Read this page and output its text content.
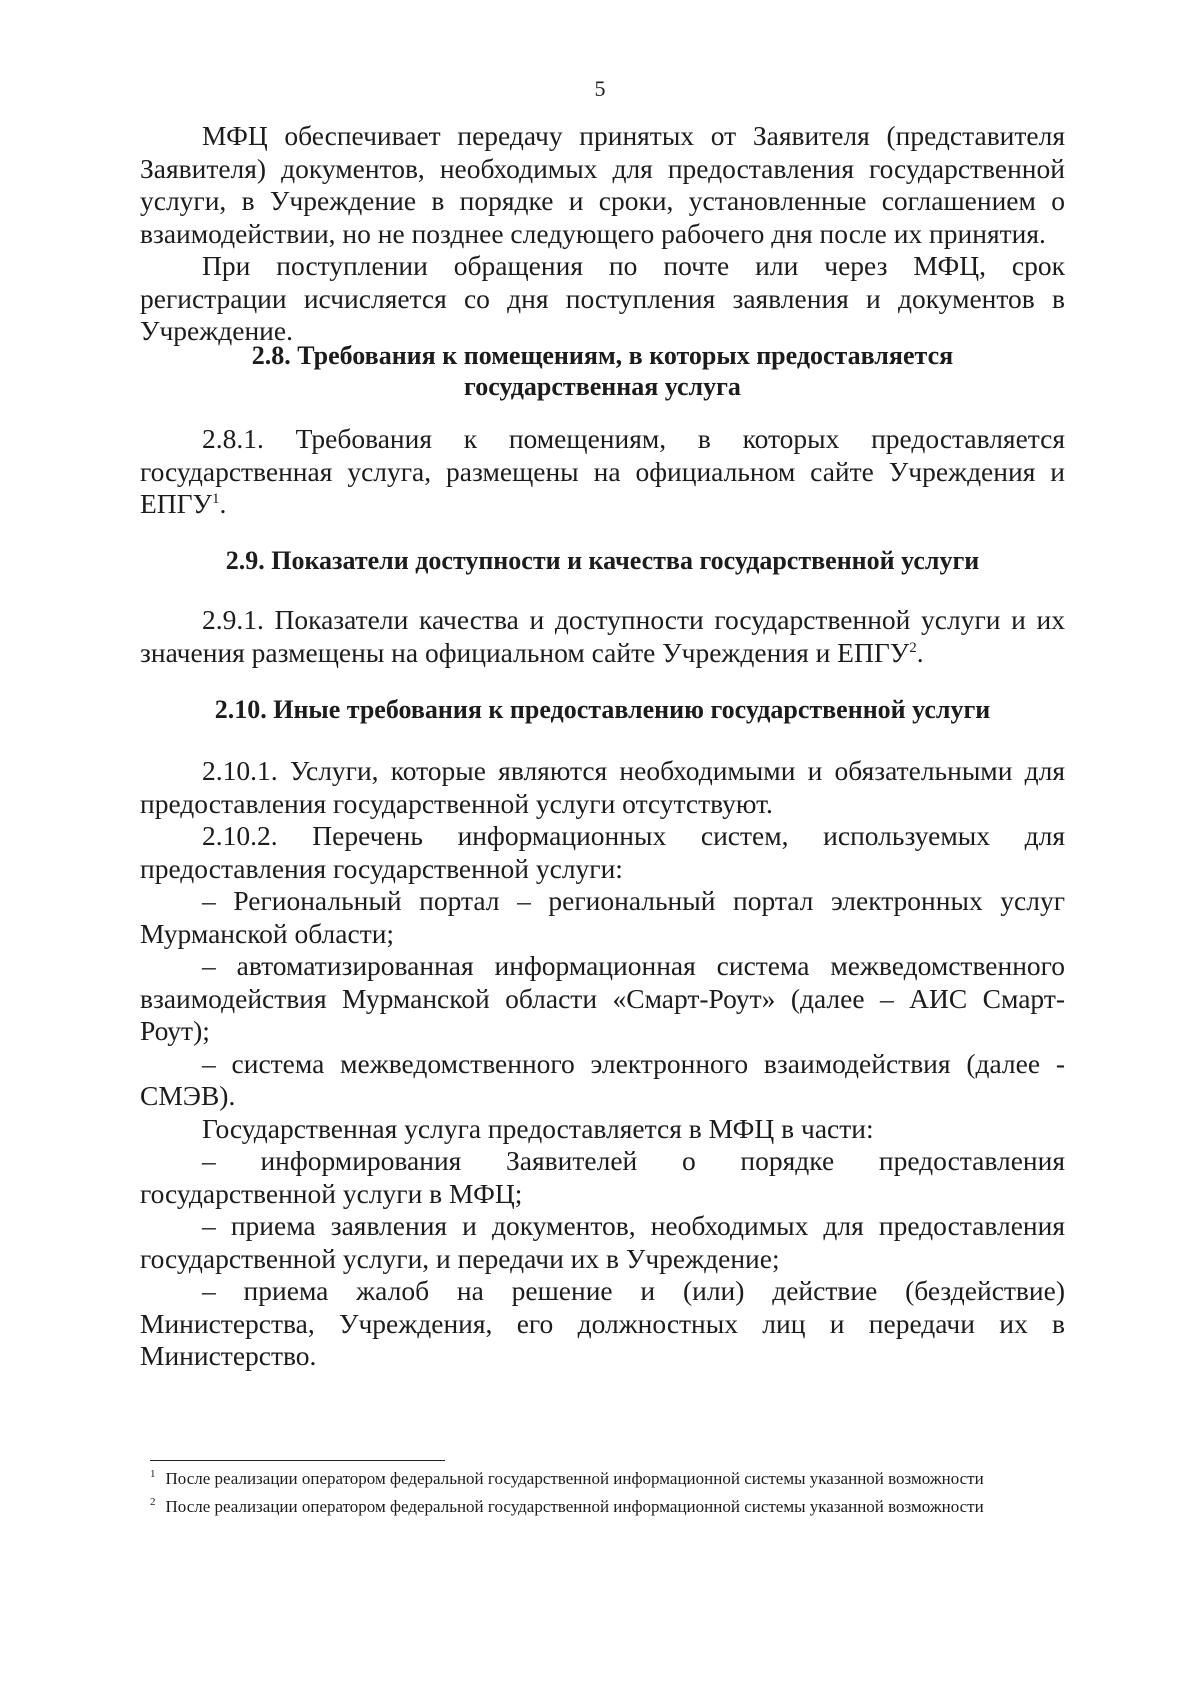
5

МФЦ обеспечивает передачу принятых от Заявителя (представителя Заявителя) документов, необходимых для предоставления государственной услуги, в Учреждение в порядке и сроки, установленные соглашением о взаимодействии, но не позднее следующего рабочего дня после их принятия.

При поступлении обращения по почте или через МФЦ, срок регистрации исчисляется со дня поступления заявления и документов в Учреждение.

2.8. Требования к помещениям, в которых предоставляется
государственная услуга

2.8.1. Требования к помещениям, в которых предоставляется государственная услуга, размещены на официальном сайте Учреждения и ЕПГУ$^1$.

2.9. Показатели доступности и качества государственной услуги

2.9.1. Показатели качества и доступности государственной услуги и их значения размещены на официальном сайте Учреждения и ЕПГУ$^2$.

2.10. Иные требования к предоставлению государственной услуги

2.10.1. Услуги, которые являются необходимыми и обязательными для предоставления государственной услуги отсутствуют.

2.10.2. Перечень информационных систем, используемых для предоставления государственной услуги:

– Региональный портал – региональный портал электронных услуг Мурманской области;

– автоматизированная информационная система межведомственного взаимодействия Мурманской области «Смарт-Роут» (далее – АИС Смарт-Роут);

– система межведомственного электронного взаимодействия (далее - СМЭВ).

Государственная услуга предоставляется в МФЦ в части:

– информирования Заявителей о порядке предоставления государственной услуги в МФЦ;

– приема заявления и документов, необходимых для предоставления государственной услуги, и передачи их в Учреждение;

– приема жалоб на решение и (или) действие (бездействие) Министерства, Учреждения, его должностных лиц и передачи их в Министерство.

$^1$ После реализации оператором федеральной государственной информационной системы указанной возможности
$^2$ После реализации оператором федеральной государственной информационной системы указанной возможности
